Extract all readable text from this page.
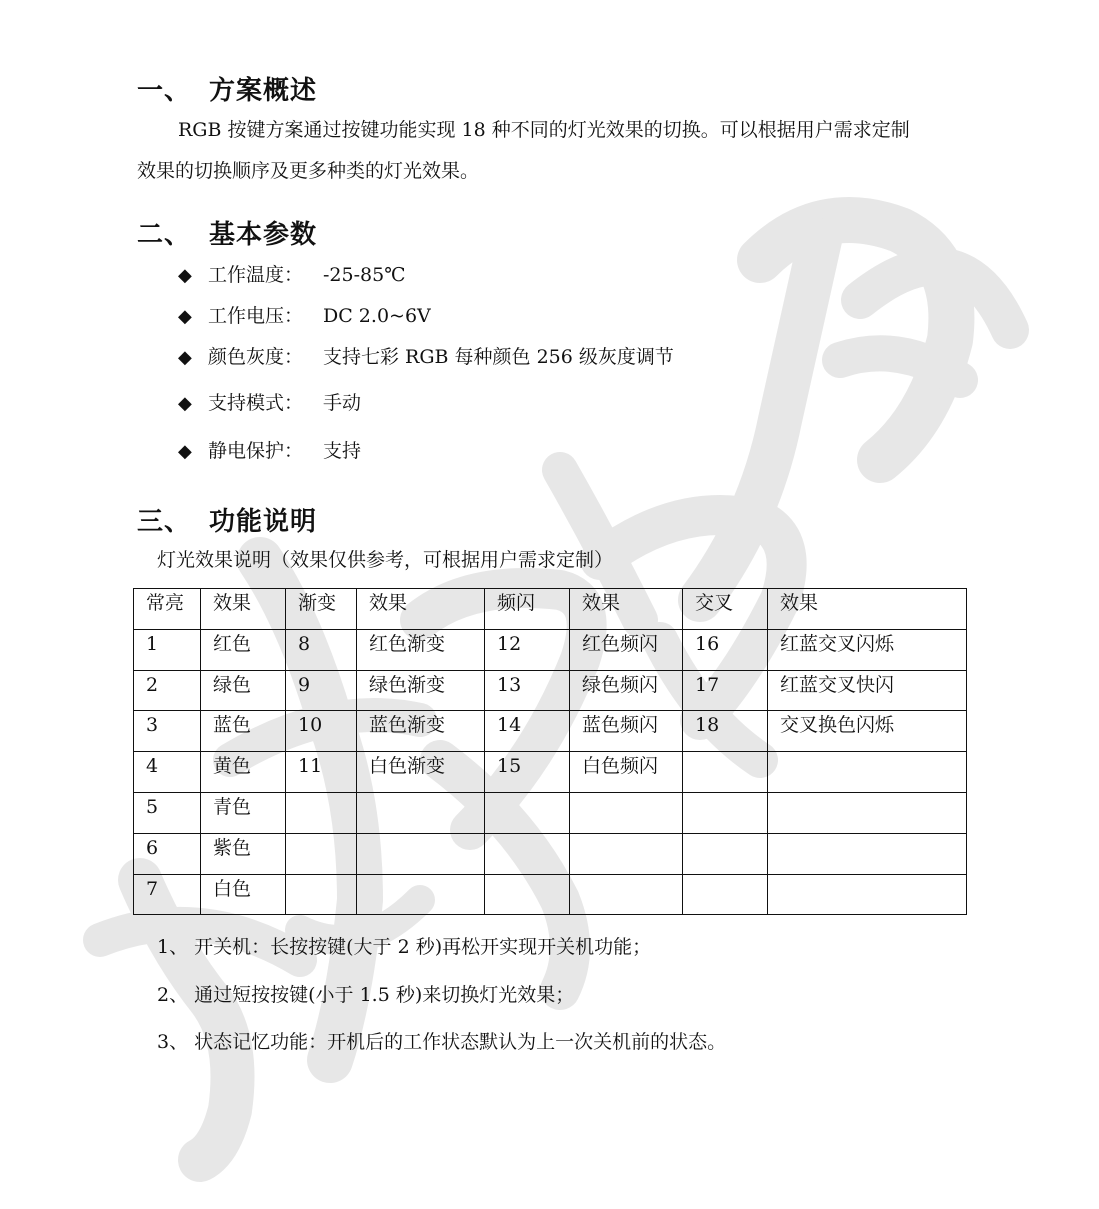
一、 方案概述
RGB 按键方案通过按键功能实现 18 种不同的灯光效果的切换。可以根据用户需求定制
效果的切换顺序及更多种类的灯光效果。
二、 基本参数
◆ 工作温度： -25-85℃
◆ 工作电压： DC 2.0~6V
◆ 颜色灰度： 支持七彩 RGB 每种颜色 256 级灰度调节
◆ 支持模式： 手动
◆ 静电保护： 支持
三、 功能说明
灯光效果说明（效果仅供参考，可根据用户需求定制）
常亮	效果	渐变	效果	频闪	效果	交叉	效果
1	红色	8	红色渐变	12	红色频闪	16	红蓝交叉闪烁
2	绿色	9	绿色渐变	13	绿色频闪	17	红蓝交叉快闪
3	蓝色	10	蓝色渐变	14	蓝色频闪	18	交叉换色闪烁
4	黄色	11	白色渐变	15	白色频闪		
5	青色						
6	紫色						
7	白色						
1、 开关机：长按按键(大于 2 秒)再松开实现开关机功能；
2、 通过短按按键(小于 1.5 秒)来切换灯光效果；
3、 状态记忆功能：开机后的工作状态默认为上一次关机前的状态。
